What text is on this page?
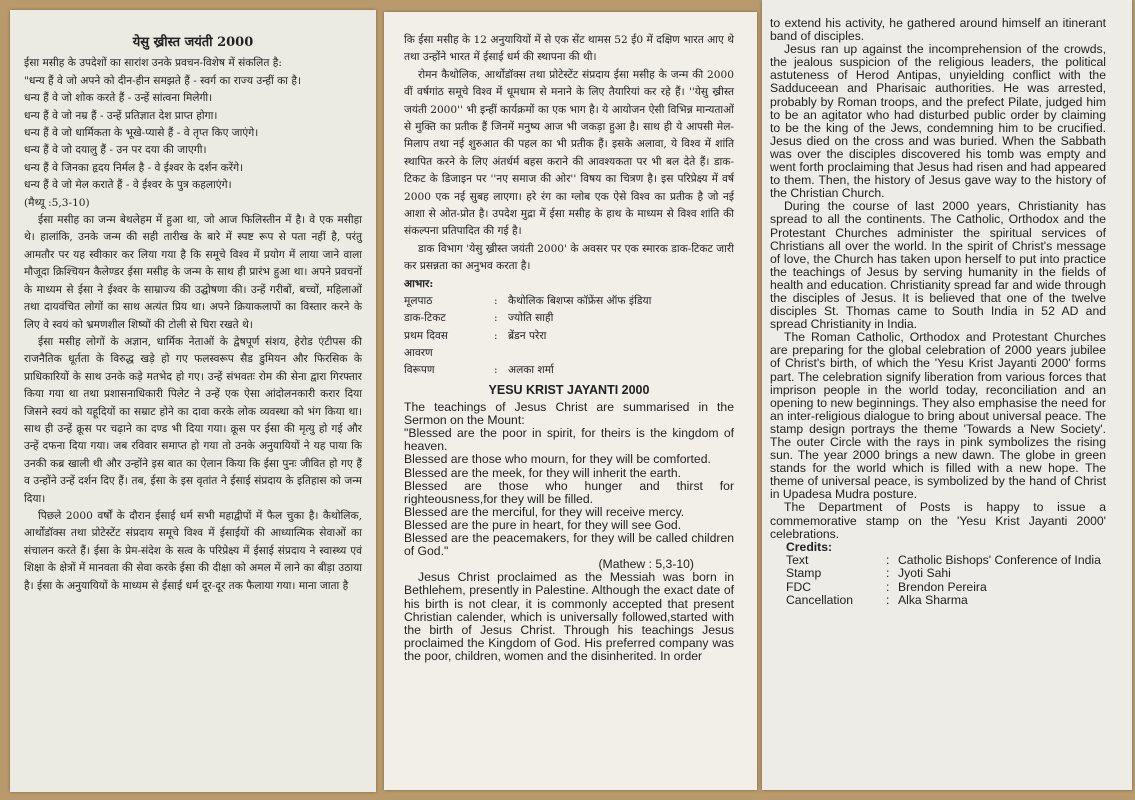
येसु ख्रीस्त जयंती 2000

ईसा मसीह के उपदेशों का सारांश उनके प्रवचन-विशेष में संकलित है:

"धन्य हैं वे जो अपने को दीन-हीन समझते हैं - स्वर्ग का राज्य उन्हीं का है।

धन्य हैं वे जो शोक करते हैं - उन्हें सांत्वना मिलेगी।

धन्य हैं वे जो नम्र हैं - उन्हें प्रतिज्ञात देश प्राप्त होगा।

धन्य हैं वे जो धार्मिकता के भूखे-प्यासे हैं - वे तृप्त किए जाएंगे।

धन्य हैं वे जो दयालु हैं - उन पर दया की जाएगी।

धन्य हैं वे जिनका हृदय निर्मल है - वे ईश्वर के दर्शन करेंगे।

धन्य हैं वे जो मेल कराते हैं - वे ईश्वर के पुत्र कहलाएंगे।

(मैथ्यू :5,3-10)

ईसा मसीह का जन्म बेथलेहम में हुआ था, जो आज फिलिस्तीन में है। वे एक मसीहा थे। हालांकि, उनके जन्म की सही तारीख के बारे में स्पष्ट रूप से पता नहीं है, परंतु आमतौर पर यह स्वीकार कर लिया गया है कि समूचे विश्व में प्रयोग में लाया जाने वाला मौजूदा क्रिश्चियन कैलेण्डर ईसा मसीह के जन्म के साथ ही प्रारंभ हुआ था। अपने प्रवचनों के माध्यम से ईसा ने ईश्वर के साम्राज्य की उद्घोषणा की। उन्हें गरीबों, बच्चों, महिलाओं तथा दायवंचित लोगों का साथ अत्यंत प्रिय था। अपने क्रियाकलापों का विस्तार करने के लिए वे स्वयं को भ्रमणशील शिष्यों की टोली से घिरा रखते थे।

ईसा मसीह लोगों के अज्ञान, धार्मिक नेताओं के द्वेषपूर्ण संशय, हेरोड एंटीपस की राजनैतिक धूर्तता के विरुद्ध खड़े हो गए फलस्वरूप सैड डुमियन और फिरसिक के प्राधिकारियों के साथ उनके कड़े मतभेद हो गए। उन्हें संभवतः रोम की सेना द्वारा गिरफ्तार किया गया था तथा प्रशासनाधिकारी पिलेट ने उन्हें एक ऐसा आंदोलनकारी करार दिया जिसने स्वयं को यहूदियों का सम्राट होने का दावा करके लोक व्यवस्था को भंग किया था। साथ ही उन्हें क्रूस पर चढ़ाने का दण्ड भी दिया गया। क्रूस पर ईसा की मृत्यु हो गई और उन्हें दफना दिया गया। जब रविवार समाप्त हो गया तो उनके अनुयायियों ने यह पाया कि उनकी कब्र खाली थी और उन्होंने इस बात का ऐलान किया कि ईसा पुनः जीवित हो गए हैं व उन्होंने उन्हें दर्शन दिए हैं। तब, ईसा के इस वृतांत ने ईसाई संप्रदाय के इतिहास को जन्म दिया।

पिछले 2000 वर्षों के दौरान ईसाई धर्म सभी महाद्वीपों में फैल चुका है। कैथोलिक, आर्थोडॉक्स तथा प्रोटेस्टेंट संप्रदाय समूचे विश्व में ईसाईयों की आध्यात्मिक सेवाओं का संचालन करते हैं। ईसा के प्रेम-संदेश के सत्व के परिप्रेक्ष्य में ईसाई संप्रदाय ने स्वास्थ्य एवं शिक्षा के क्षेत्रों में मानवता की सेवा करके ईसा की दीक्षा को अमल में लाने का बीड़ा उठाया है। ईसा के अनुयायियों के माध्यम से ईसाई धर्म दूर-दूर तक फैलाया गया। माना जाता है

कि ईसा मसीह के 12 अनुयायियों में से एक सेंट थामस 52 ई0 में दक्षिण भारत आए थे तथा उन्होंने भारत में ईसाई धर्म की स्थापना की थी।

रोमन कैथोलिक, आर्थोडॉक्स तथा प्रोटेस्टेंट संप्रदाय ईसा मसीह के जन्म की 2000 वीं वर्षगांठ समूचे विश्व में धूमधाम से मनाने के लिए तैयारियां कर रहे हैं। ''येसु ख्रीस्त जयंती 2000'' भी इन्हीं कार्यक्रमों का एक भाग है। ये आयोजन ऐसी विभिन्न मान्यताओं से मुक्ति का प्रतीक हैं जिनमें मनुष्य आज भी जकड़ा हुआ है। साथ ही ये आपसी मेल-मिलाप तथा नई शुरुआत की पहल का भी प्रतीक हैं। इसके अलावा, ये विश्व में शांति स्थापित करने के लिए अंतर्धर्म बहस कराने की आवश्यकता पर भी बल देते हैं। डाक-टिकट के डिजाइन पर ''नए समाज की ओर'' विषय का चित्रण है। इस परिप्रेक्ष्य में वर्ष 2000 एक नई सुबह लाएगा। हरे रंग का ग्लोब एक ऐसे विश्व का प्रतीक है जो नई आशा से ओत-प्रोत है। उपदेश मुद्रा में ईसा मसीह के हाथ के माध्यम से विश्व शांति की संकल्पना प्रतिपादित की गई है।

डाक विभाग 'येसु ख्रीस्त जयंती 2000' के अवसर पर एक स्मारक डाक-टिकट जारी कर प्रसन्नता का अनुभव करता है।

आभार:
मूलपाठ	: कैथोलिक बिशप्स कॉफ्रेंस ऑफ इंडिया
डाक-टिकट	: ज्योति साही
प्रथम दिवस	: ब्रेंडन परेरा
आवरण
विरूपण	: अलका शर्मा
YESU KRIST JAYANTI 2000

The teachings of Jesus Christ are summarised in the Sermon on the Mount:

"Blessed are the poor in spirit, for theirs is the kingdom of heaven.

Blessed are those who mourn, for they will be comforted.

Blessed are the meek, for they will inherit the earth.

Blessed are those who hunger and thirst for righteousness,for they will be filled.

Blessed are the merciful, for they will receive mercy.

Blessed are the pure in heart, for they will see God.

Blessed are the peacemakers, for they will be called children of God."

(Mathew : 5,3-10)

Jesus Christ proclaimed as the Messiah was born in Bethlehem, presently in Palestine. Although the exact date of his birth is not clear, it is commonly accepted that present Christian calender, which is universally followed,started with the birth of Jesus Christ. Through his teachings Jesus proclaimed the Kingdom of God. His preferred company was the poor, children, women and the disinherited. In order

to extend his activity, he gathered around himself an itinerant band of disciples.

Jesus ran up against the incomprehension of the crowds, the jealous suspicion of the religious leaders, the political astuteness of Herod Antipas, unyielding conflict with the Sadduceean and Pharisaic authorities. He was arrested, probably by Roman troops, and the prefect Pilate, judged him to be an agitator who had disturbed public order by claiming to be the king of the Jews, condemning him to be crucified. Jesus died on the cross and was buried. When the Sabbath was over the disciples discovered his tomb was empty and went forth proclaiming that Jesus had risen and had appeared to them. Then, the history of Jesus gave way to the history of the Christian Church.

During the course of last 2000 years, Christianity has spread to all the continents. The Catholic, Orthodox and the Protestant Churches administer the spiritual services of Christians all over the world. In the spirit of Christ's message of love, the Church has taken upon herself to put into practice the teachings of Jesus by serving humanity in the fields of health and education. Christianity spread far and wide through the disciples of Jesus. It is believed that one of the twelve disciples St. Thomas came to South India in 52 AD and spread Christianity in India.

The Roman Catholic, Orthodox and Protestant Churches are preparing for the global celebration of 2000 years jubilee of Christ's birth, of which the 'Yesu Krist Jayanti 2000' forms part. The celebration signify liberation from various forces that imprison people in the world today, reconciliation and an opening to new beginnings. They also emphasise the need for an inter-religious dialogue to bring about universal peace. The stamp design portrays the theme 'Towards a New Society'. The outer Circle with the rays in pink symbolizes the rising sun. The year 2000 brings a new dawn. The globe in green stands for the world which is filled with a new hope. The theme of universal peace, is symbolized by the hand of Christ in Upadesa Mudra posture.

The Department of Posts is happy to issue a commemorative stamp on the 'Yesu Krist Jayanti 2000' celebrations.

Credits:
Text	: Catholic Bishops' Conference of India
Stamp	: Jyoti Sahi
FDC	: Brendon Pereira
Cancellation	: Alka Sharma
